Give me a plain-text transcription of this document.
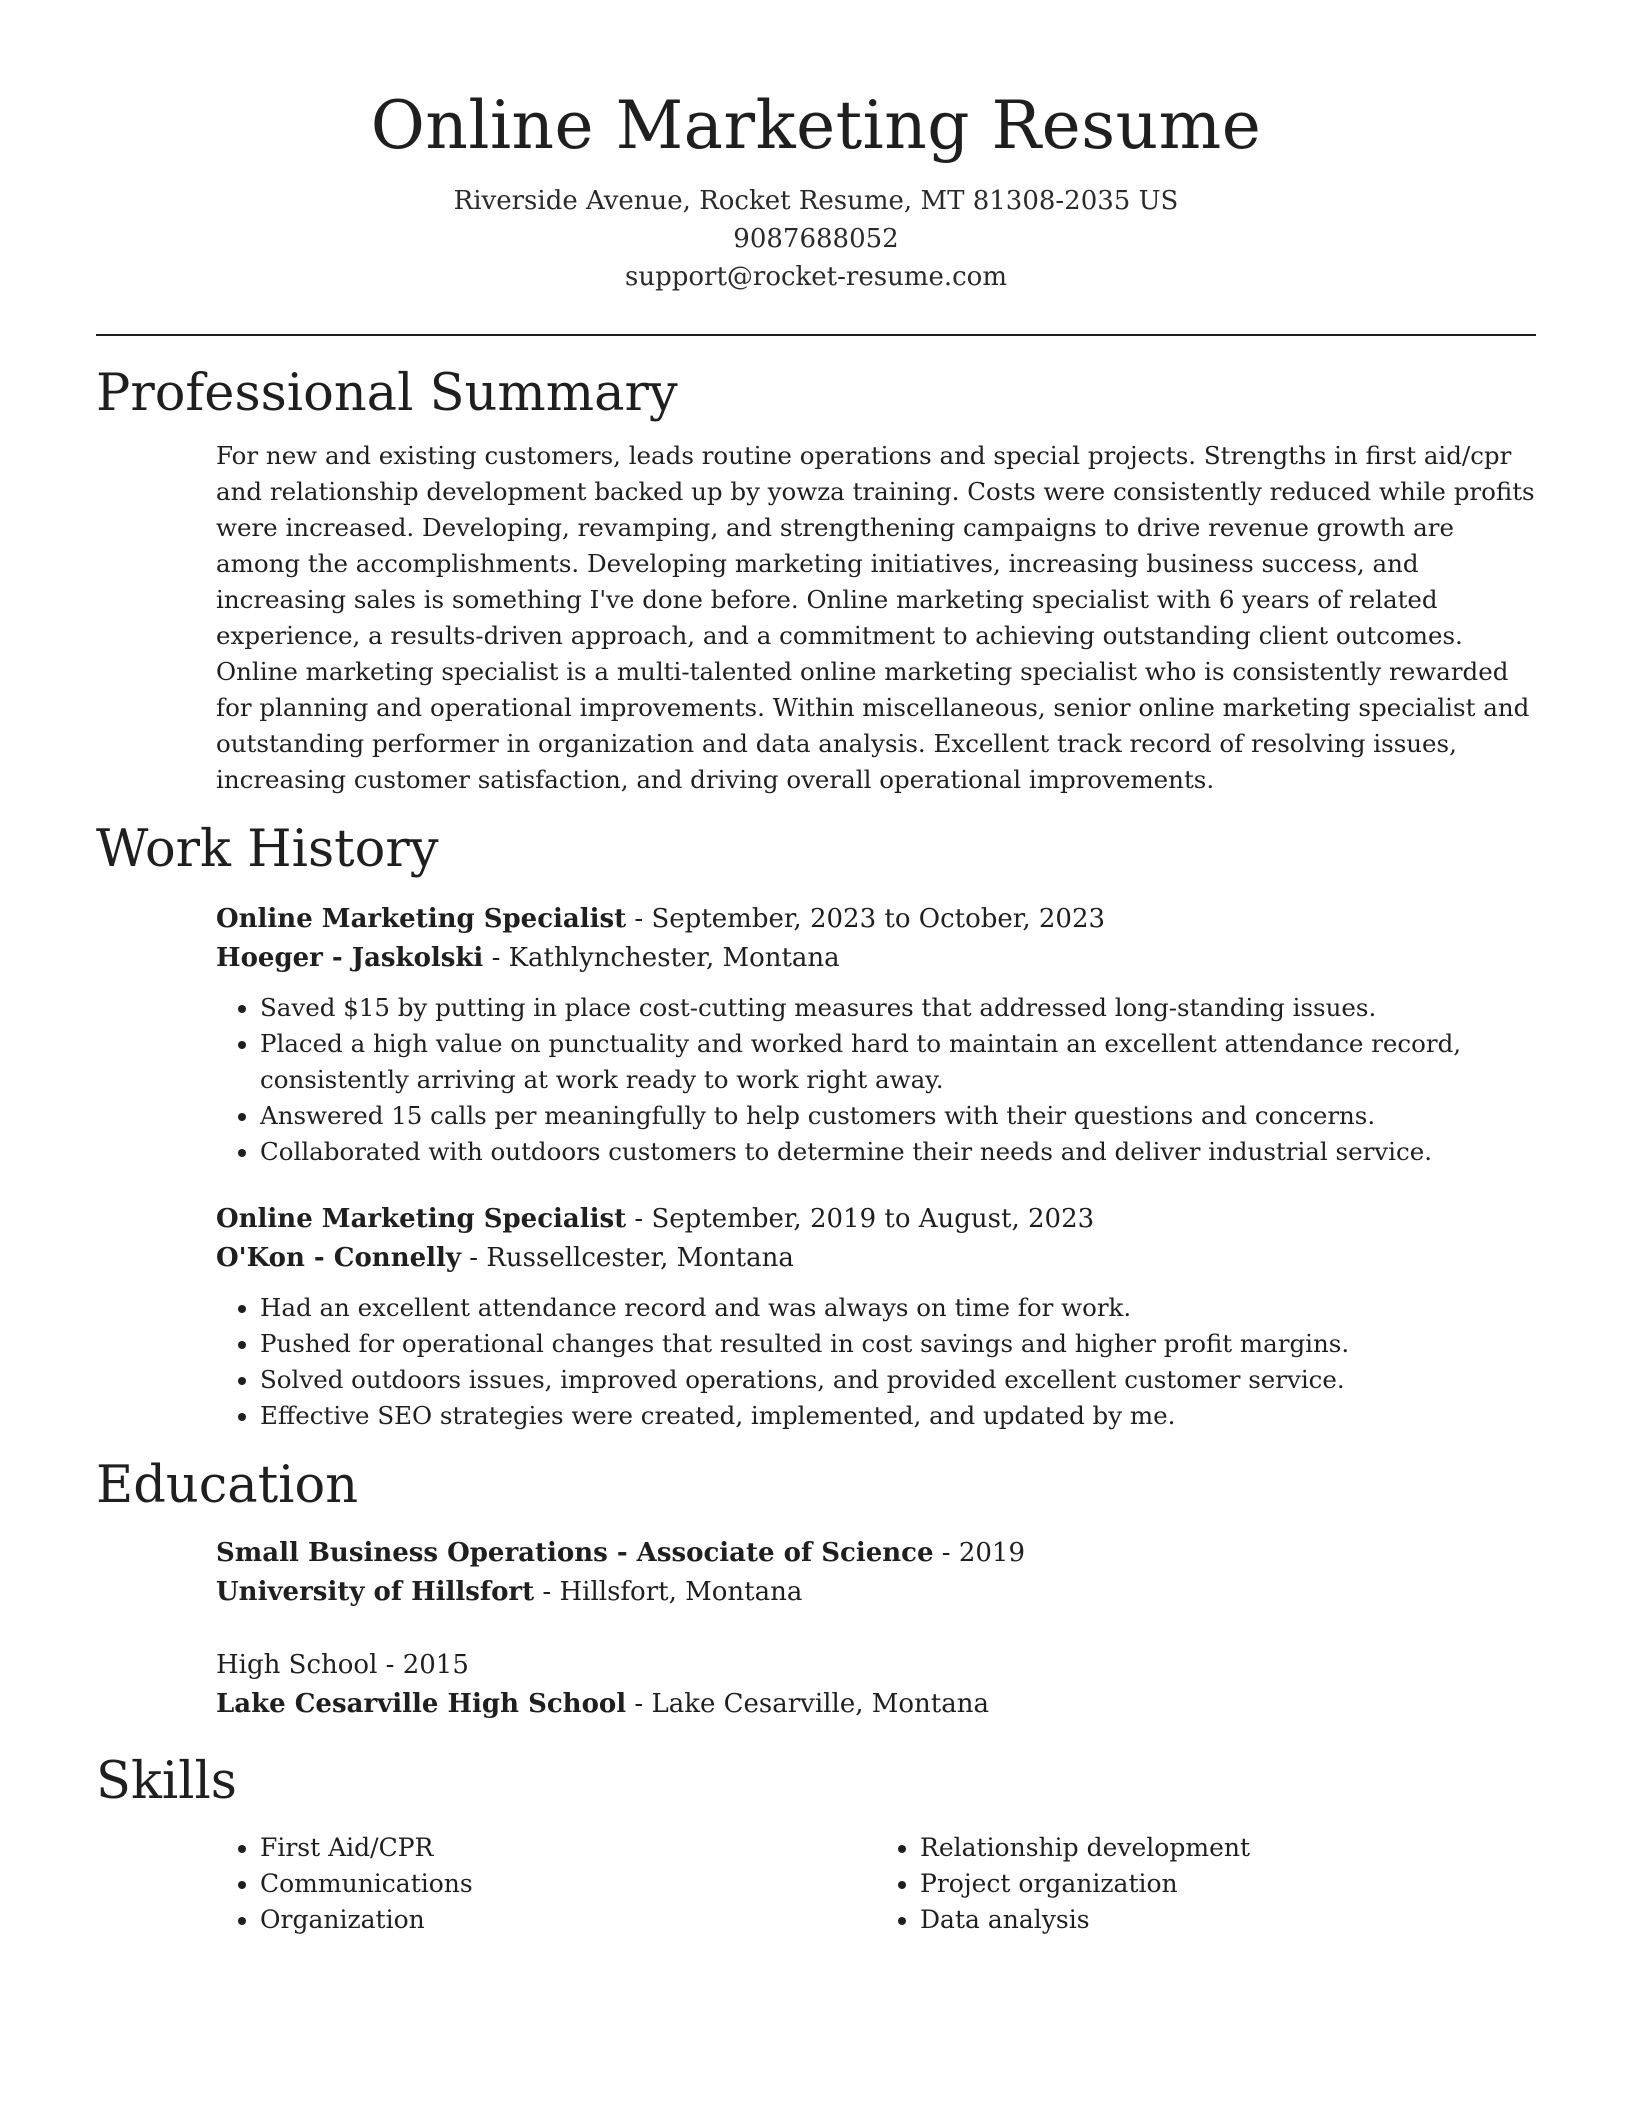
Online Marketing Resume
Riverside Avenue, Rocket Resume, MT 81308-2035 US
9087688052
support@rocket-resume.com
Professional Summary

For new and existing customers, leads routine operations and special projects. Strengths in first aid/cpr and relationship development backed up by yowza training. Costs were consistently reduced while profits were increased. Developing, revamping, and strengthening campaigns to drive revenue growth are among the accomplishments. Developing marketing initiatives, increasing business success, and increasing sales is something I've done before. Online marketing specialist with 6 years of related experience, a results-driven approach, and a commitment to achieving outstanding client outcomes. Online marketing specialist is a multi-talented online marketing specialist who is consistently rewarded for planning and operational improvements. Within miscellaneous, senior online marketing specialist and outstanding performer in organization and data analysis. Excellent track record of resolving issues, increasing customer satisfaction, and driving overall operational improvements.

Work History
Online Marketing Specialist - September, 2023 to October, 2023
Hoeger - Jaskolski - Kathlynchester, Montana
• Saved $15 by putting in place cost-cutting measures that addressed long-standing issues.
• Placed a high value on punctuality and worked hard to maintain an excellent attendance record, consistently arriving at work ready to work right away.
• Answered 15 calls per meaningfully to help customers with their questions and concerns.
• Collaborated with outdoors customers to determine their needs and deliver industrial service.
Online Marketing Specialist - September, 2019 to August, 2023
O'Kon - Connelly - Russellcester, Montana
• Had an excellent attendance record and was always on time for work.
• Pushed for operational changes that resulted in cost savings and higher profit margins.
• Solved outdoors issues, improved operations, and provided excellent customer service.
• Effective SEO strategies were created, implemented, and updated by me.
Education
Small Business Operations - Associate of Science - 2019
University of Hillsfort - Hillsfort, Montana
High School - 2015
Lake Cesarville High School - Lake Cesarville, Montana
Skills
• First Aid/CPR
• Communications
• Organization
• Relationship development
• Project organization
• Data analysis
